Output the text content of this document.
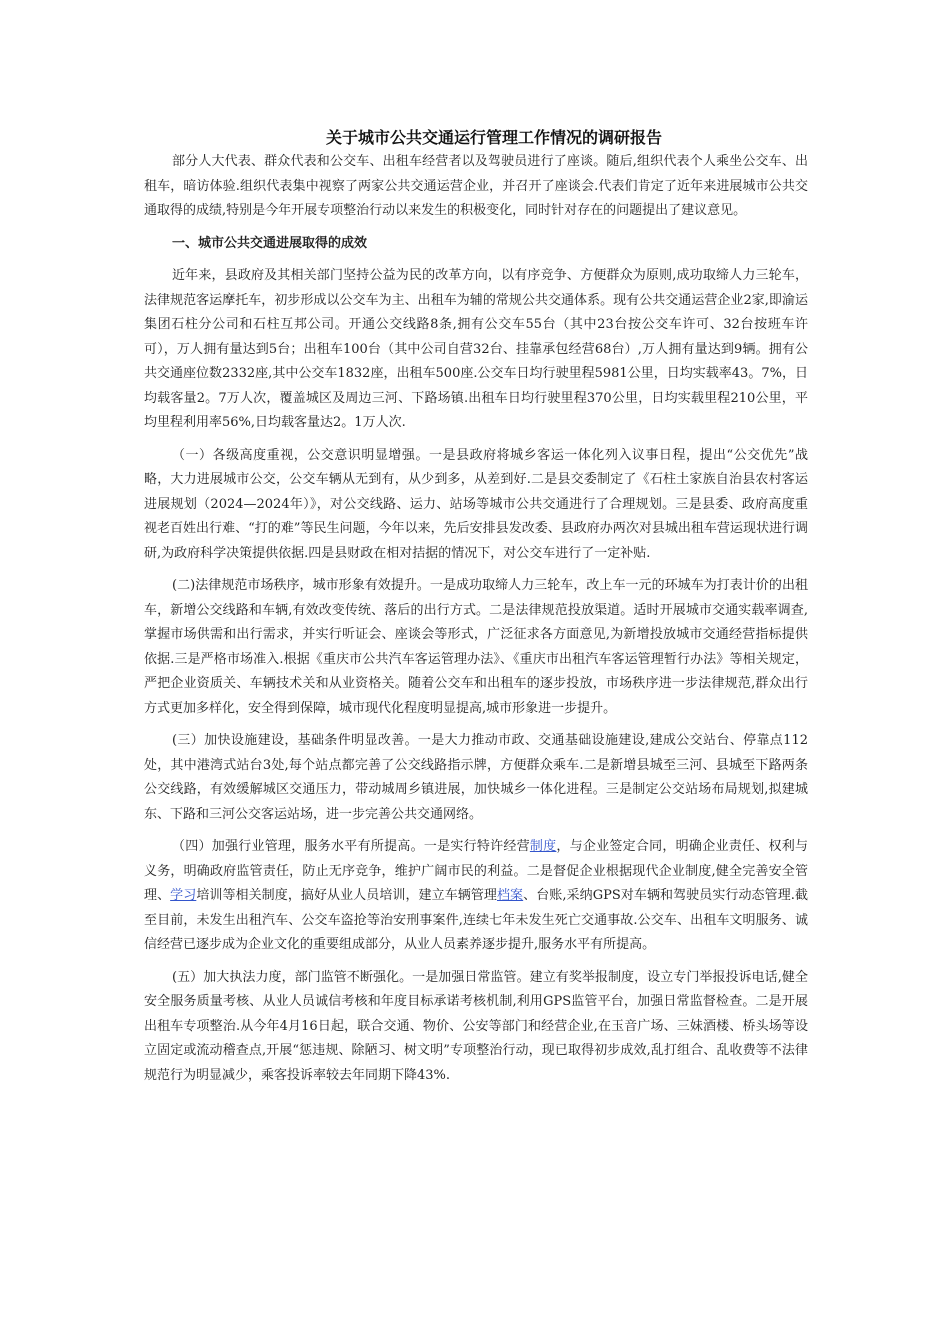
关于城市公共交通运行管理工作情况的调研报告

部分人大代表、群众代表和公交车、出租车经营者以及驾驶员进行了座谈。随后,组织代表个人乘坐公交车、出租车，暗访体验.组织代表集中视察了两家公共交通运营企业，并召开了座谈会.代表们肯定了近年来进展城市公共交通取得的成绩,特别是今年开展专项整治行动以来发生的积极变化，同时针对存在的问题提出了建议意见。

一、城市公共交通进展取得的成效

近年来，县政府及其相关部门坚持公益为民的改革方向，以有序竞争、方便群众为原则,成功取缔人力三轮车，法律规范客运摩托车，初步形成以公交车为主、出租车为辅的常规公共交通体系。现有公共交通运营企业2家,即渝运集团石柱分公司和石柱互邦公司。开通公交线路8条,拥有公交车55台（其中23台按公交车许可、32台按班车许可），万人拥有量达到5台；出租车100台（其中公司自营32台、挂靠承包经营68台）,万人拥有量达到9辆。拥有公共交通座位数2332座,其中公交车1832座，出租车500座.公交车日均行驶里程5981公里，日均实载率43。7%，日均载客量2。7万人次，覆盖城区及周边三河、下路场镇.出租车日均行驶里程370公里，日均实载里程210公里，平均里程利用率56%,日均载客量达2。1万人次.

（一）各级高度重视，公交意识明显增强。一是县政府将城乡客运一体化列入议事日程，提出“公交优先”战略，大力进展城市公交，公交车辆从无到有，从少到多，从差到好.二是县交委制定了《石柱土家族自治县农村客运进展规划（2024—2024年）》，对公交线路、运力、站场等城市公共交通进行了合理规划。三是县委、政府高度重视老百姓出行难、“打的难”等民生问题，今年以来，先后安排县发改委、县政府办两次对县城出租车营运现状进行调研,为政府科学决策提供依据.四是县财政在相对拮据的情况下，对公交车进行了一定补贴.

(二)法律规范市场秩序，城市形象有效提升。一是成功取缔人力三轮车，改上车一元的环城车为打表计价的出租车，新增公交线路和车辆,有效改变传统、落后的出行方式。二是法律规范投放渠道。适时开展城市交通实载率调查,掌握市场供需和出行需求，并实行听证会、座谈会等形式，广泛征求各方面意见,为新增投放城市交通经营指标提供依据.三是严格市场准入.根据《重庆市公共汽车客运管理办法》、《重庆市出租汽车客运管理暂行办法》等相关规定，严把企业资质关、车辆技术关和从业资格关。随着公交车和出租车的逐步投放，市场秩序进一步法律规范,群众出行方式更加多样化，安全得到保障，城市现代化程度明显提高,城市形象进一步提升。

(三）加快设施建设，基础条件明显改善。一是大力推动市政、交通基础设施建设,建成公交站台、停靠点112处，其中港湾式站台3处,每个站点都完善了公交线路指示牌，方便群众乘车.二是新增县城至三河、县城至下路两条公交线路，有效缓解城区交通压力，带动城周乡镇进展，加快城乡一体化进程。三是制定公交站场布局规划,拟建城东、下路和三河公交客运站场，进一步完善公共交通网络。

（四）加强行业管理，服务水平有所提高。一是实行特许经营制度，与企业签定合同，明确企业责任、权利与义务，明确政府监管责任，防止无序竞争，维护广阔市民的利益。二是督促企业根据现代企业制度,健全完善安全管理、学习培训等相关制度，搞好从业人员培训，建立车辆管理档案、台账,采纳GPS对车辆和驾驶员实行动态管理.截至目前，未发生出租汽车、公交车盗抢等治安刑事案件,连续七年未发生死亡交通事故.公交车、出租车文明服务、诚信经营已逐步成为企业文化的重要组成部分，从业人员素养逐步提升,服务水平有所提高。

(五）加大执法力度，部门监管不断强化。一是加强日常监管。建立有奖举报制度，设立专门举报投诉电话,健全安全服务质量考核、从业人员诚信考核和年度目标承诺考核机制,利用GPS监管平台，加强日常监督检查。二是开展出租车专项整治.从今年4月16日起，联合交通、物价、公安等部门和经营企业,在玉音广场、三妹酒楼、桥头场等设立固定或流动稽查点,开展“惩违规、除陋习、树文明”专项整治行动，现已取得初步成效,乱打组合、乱收费等不法律规范行为明显减少，乘客投诉率较去年同期下降43%.
